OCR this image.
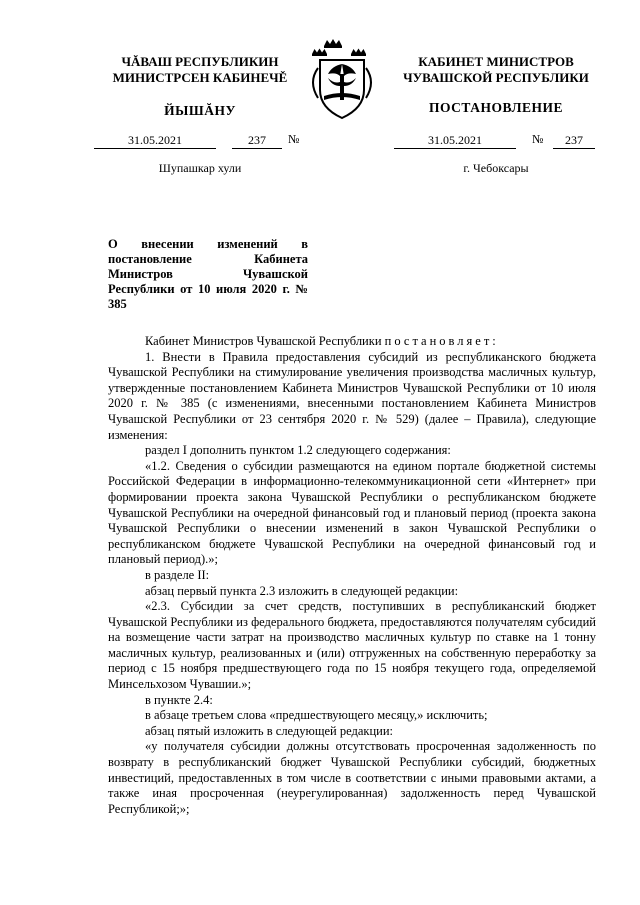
ЧĂВАШ РЕСПУБЛИКИН
МИНИСТРСЕН КАБИНЕЧĚ
ЙЫШĂНУ
КАБИНЕТ МИНИСТРОВ
ЧУВАШСКОЙ РЕСПУБЛИКИ
ПОСТАНОВЛЕНИЕ
31.05.2021	237	№	31.05.2021	№	237
Шупашкар хули	г. Чебоксары
О внесении изменений в постановление Кабинета Министров Чувашской Республики от 10 июля 2020 г. № 385

Кабинет Министров Чувашской Республики постановляет:

1. Внести в Правила предоставления субсидий из республиканского бюджета Чувашской Республики на стимулирование увеличения производства масличных культур, утвержденные постановлением Кабинета Министров Чувашской Республики от 10 июля 2020 г. № 385 (с изменениями, внесенными постановлением Кабинета Министров Чувашской Республики от 23 сентября 2020 г. № 529) (далее – Правила), следующие изменения:

раздел I дополнить пунктом 1.2 следующего содержания:

«1.2. Сведения о субсидии размещаются на едином портале бюджетной системы Российской Федерации в информационно-телекоммуникационной сети «Интернет» при формировании проекта закона Чувашской Республики о республиканском бюджете Чувашской Республики на очередной финансовый год и плановый период (проекта закона Чувашской Республики о внесении изменений в закон Чувашской Республики о республиканском бюджете Чувашской Республики на очередной финансовый год и плановый период).»;

в разделе II:

абзац первый пункта 2.3 изложить в следующей редакции:

«2.3. Субсидии за счет средств, поступивших в республиканский бюджет Чувашской Республики из федерального бюджета, предоставляются получателям субсидий на возмещение части затрат на производство масличных культур по ставке на 1 тонну масличных культур, реализованных и (или) отгруженных на собственную переработку за период с 15 ноября предшествующего года по 15 ноября текущего года, определяемой Минсельхозом Чувашии.»;

в пункте 2.4:

в абзаце третьем слова «предшествующего месяцу,» исключить;

абзац пятый изложить в следующей редакции:

«у получателя субсидии должны отсутствовать просроченная задолженность по возврату в республиканский бюджет Чувашской Республики субсидий, бюджетных инвестиций, предоставленных в том числе в соответствии с иными правовыми актами, а также иная просроченная (неурегулированная) задолженность перед Чувашской Республикой;»;
